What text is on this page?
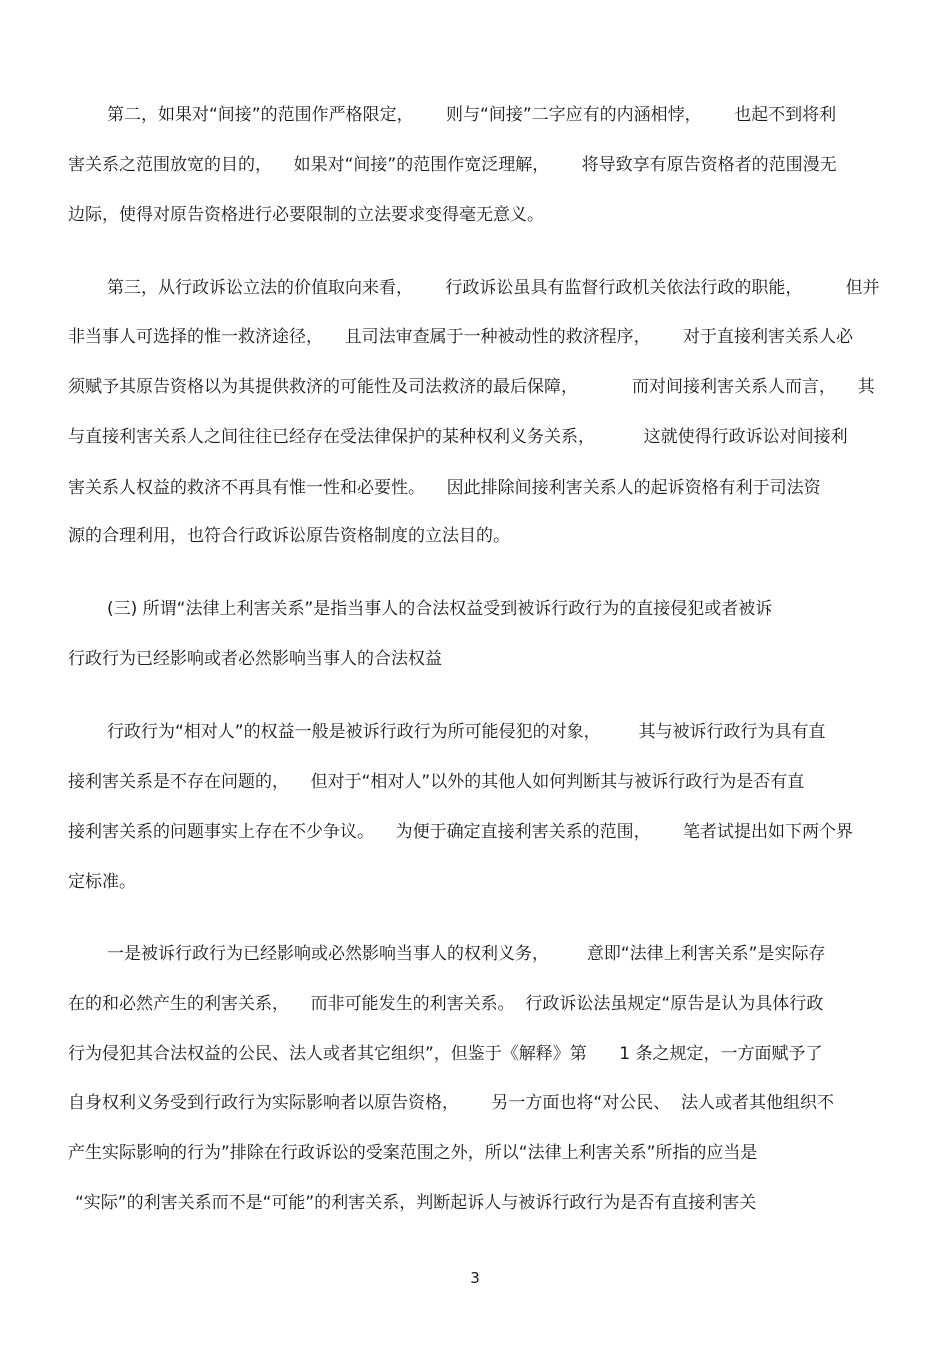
第二，如果对“间接”的范围作严格限定，      则与“间接”二字应有的内涵相悖，      也起不到将利
害关系之范围放宽的目的，    如果对“间接”的范围作宽泛理解，      将导致享有原告资格者的范围漫无
边际，使得对原告资格进行必要限制的立法要求变得毫无意义。
第三，从行政诉讼立法的价值取向来看，      行政诉讼虽具有监督行政机关依法行政的职能，        但并
非当事人可选择的惟一救济途径，    且司法审查属于一种被动性的救济程序，      对于直接利害关系人必
须赋予其原告资格以为其提供救济的可能性及司法救济的最后保障，          而对间接利害关系人而言，    其
与直接利害关系人之间往往已经存在受法律保护的某种权利义务关系，         这就使得行政诉讼对间接利
害关系人权益的救济不再具有惟一性和必要性。    因此排除间接利害关系人的起诉资格有利于司法资
源的合理利用，也符合行政诉讼原告资格制度的立法目的。
(三) 所谓“法律上利害关系”是指当事人的合法权益受到被诉行政行为的直接侵犯或者被诉
行政行为已经影响或者必然影响当事人的合法权益
行政行为“相对人”的权益一般是被诉行政行为所可能侵犯的对象，       其与被诉行政行为具有直
接利害关系是不存在问题的，    但对于“相对人”以外的其他人如何判断其与被诉行政行为是否有直
接利害关系的问题事实上存在不少争议。    为便于确定直接利害关系的范围，      笔者试提出如下两个界
定标准。
一是被诉行政行为已经影响或必然影响当事人的权利义务，       意即“法律上利害关系”是实际存
在的和必然产生的利害关系，    而非可能发生的利害关系。  行政诉讼法虽规定“原告是认为具体行政
行为侵犯其合法权益的公民、法人或者其它组织”，但鉴于《解释》第      1 条之规定，一方面赋予了
自身权利义务受到行政行为实际影响者以原告资格，      另一方面也将“对公民、  法人或者其他组织不
产生实际影响的行为”排除在行政诉讼的受案范围之外，所以“法律上利害关系”所指的应当是
“实际”的利害关系而不是“可能”的利害关系，判断起诉人与被诉行政行为是否有直接利害关
3
